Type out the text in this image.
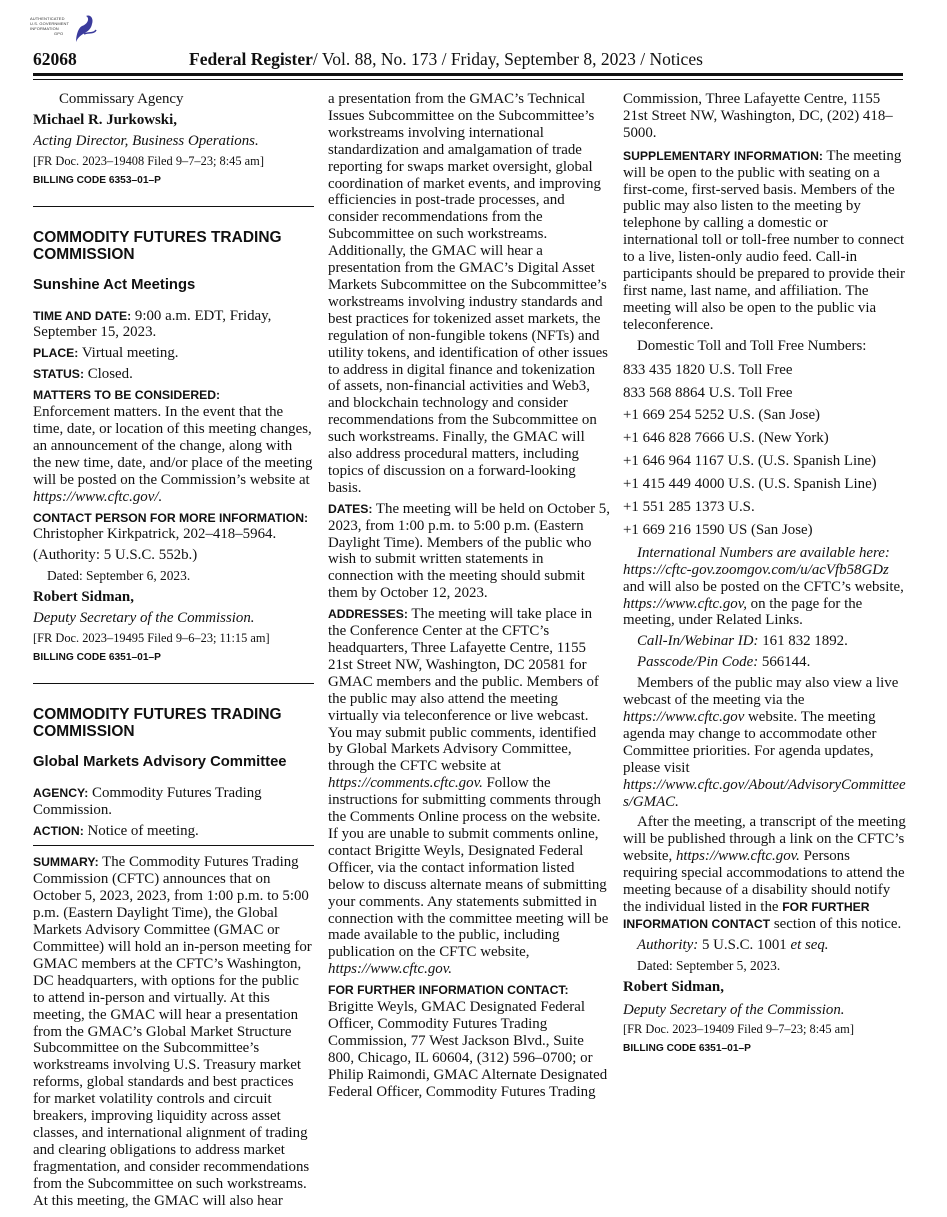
AUTHENTICATED
U.S. GOVERNMENT
INFORMATION
GPO
62068	Federal Register/ Vol. 88, No. 173 / Friday, September 8, 2023 / Notices

Commissary Agency

Michael R. Jurkowski,

Acting Director, Business Operations.

[FR Doc. 2023–19408 Filed 9–7–23; 8:45 am]

BILLING CODE 6353–01–P

COMMODITY FUTURES TRADING COMMISSION

Sunshine Act Meetings

TIME AND DATE: 9:00 a.m. EDT, Friday, September 15, 2023.

PLACE: Virtual meeting.

STATUS: Closed.

MATTERS TO BE CONSIDERED:
Enforcement matters. In the event that the time, date, or location of this meeting changes, an announcement of the change, along with the new time, date, and/or place of the meeting will be posted on the Commission’s website at https://www.cftc.gov/.

CONTACT PERSON FOR MORE INFORMATION:
Christopher Kirkpatrick, 202–418–5964.

(Authority: 5 U.S.C. 552b.)

Dated: September 6, 2023.

Robert Sidman,

Deputy Secretary of the Commission.

[FR Doc. 2023–19495 Filed 9–6–23; 11:15 am]

BILLING CODE 6351–01–P

COMMODITY FUTURES TRADING COMMISSION

Global Markets Advisory Committee

AGENCY: Commodity Futures Trading Commission.

ACTION: Notice of meeting.

SUMMARY: The Commodity Futures Trading Commission (CFTC) announces that on October 5, 2023, 2023, from 1:00 p.m. to 5:00 p.m. (Eastern Daylight Time), the Global Markets Advisory Committee (GMAC or Committee) will hold an in-person meeting for GMAC members at the CFTC’s Washington, DC headquarters, with options for the public to attend in-person and virtually. At this meeting, the GMAC will hear a presentation from the GMAC’s Global Market Structure Subcommittee on the Subcommittee’s workstreams involving U.S. Treasury market reforms, global standards and best practices for market volatility controls and circuit breakers, improving liquidity across asset classes, and international alignment of trading and clearing obligations to address market fragmentation, and consider recommendations from the Subcommittee on such workstreams. At this meeting, the GMAC will also hear

a presentation from the GMAC’s Technical Issues Subcommittee on the Subcommittee’s workstreams involving international standardization and amalgamation of trade reporting for swaps market oversight, global coordination of market events, and improving efficiencies in post-trade processes, and consider recommendations from the Subcommittee on such workstreams. Additionally, the GMAC will hear a presentation from the GMAC’s Digital Asset Markets Subcommittee on the Subcommittee’s workstreams involving industry standards and best practices for tokenized asset markets, the regulation of non-fungible tokens (NFTs) and utility tokens, and identification of other issues to address in digital finance and tokenization of assets, non-financial activities and Web3, and blockchain technology and consider recommendations from the Subcommittee on such workstreams. Finally, the GMAC will also address procedural matters, including topics of discussion on a forward-looking basis.

DATES: The meeting will be held on October 5, 2023, from 1:00 p.m. to 5:00 p.m. (Eastern Daylight Time). Members of the public who wish to submit written statements in connection with the meeting should submit them by October 12, 2023.

ADDRESSES: The meeting will take place in the Conference Center at the CFTC’s headquarters, Three Lafayette Centre, 1155 21st Street NW, Washington, DC 20581 for GMAC members and the public. Members of the public may also attend the meeting virtually via teleconference or live webcast. You may submit public comments, identified by Global Markets Advisory Committee, through the CFTC website at https://comments.cftc.gov. Follow the instructions for submitting comments through the Comments Online process on the website. If you are unable to submit comments online, contact Brigitte Weyls, Designated Federal Officer, via the contact information listed below to discuss alternate means of submitting your comments. Any statements submitted in connection with the committee meeting will be made available to the public, including publication on the CFTC website, https://www.cftc.gov.

FOR FURTHER INFORMATION CONTACT:
Brigitte Weyls, GMAC Designated Federal Officer, Commodity Futures Trading Commission, 77 West Jackson Blvd., Suite 800, Chicago, IL 60604, (312) 596–0700; or Philip Raimondi, GMAC Alternate Designated Federal Officer, Commodity Futures Trading

Commission, Three Lafayette Centre, 1155 21st Street NW, Washington, DC, (202) 418–5000.

SUPPLEMENTARY INFORMATION: The meeting will be open to the public with seating on a first-come, first-served basis. Members of the public may also listen to the meeting by telephone by calling a domestic or international toll or toll-free number to connect to a live, listen-only audio feed. Call-in participants should be prepared to provide their first name, last name, and affiliation. The meeting will also be open to the public via teleconference.

Domestic Toll and Toll Free Numbers:

833 435 1820 U.S. Toll Free

833 568 8864 U.S. Toll Free

+1 669 254 5252 U.S. (San Jose)

+1 646 828 7666 U.S. (New York)

+1 646 964 1167 U.S. (U.S. Spanish Line)

+1 415 449 4000 U.S. (U.S. Spanish Line)

+1 551 285 1373 U.S.

+1 669 216 1590 US (San Jose)

International Numbers are available here: https://cftc-gov.zoomgov.com/u/acVfb58GDz and will also be posted on the CFTC’s website, https://www.cftc.gov, on the page for the meeting, under Related Links.

Call-In/Webinar ID: 161 832 1892.

Passcode/Pin Code: 566144.

Members of the public may also view a live webcast of the meeting via the https://www.cftc.gov website. The meeting agenda may change to accommodate other Committee priorities. For agenda updates, please visit https://www.cftc.gov/About/AdvisoryCommittees/GMAC.

After the meeting, a transcript of the meeting will be published through a link on the CFTC’s website, https://www.cftc.gov. Persons requiring special accommodations to attend the meeting because of a disability should notify the individual listed in the FOR FURTHER INFORMATION CONTACT section of this notice.

Authority: 5 U.S.C. 1001 et seq.

Dated: September 5, 2023.

Robert Sidman,

Deputy Secretary of the Commission.

[FR Doc. 2023–19409 Filed 9–7–23; 8:45 am]

BILLING CODE 6351–01–P
